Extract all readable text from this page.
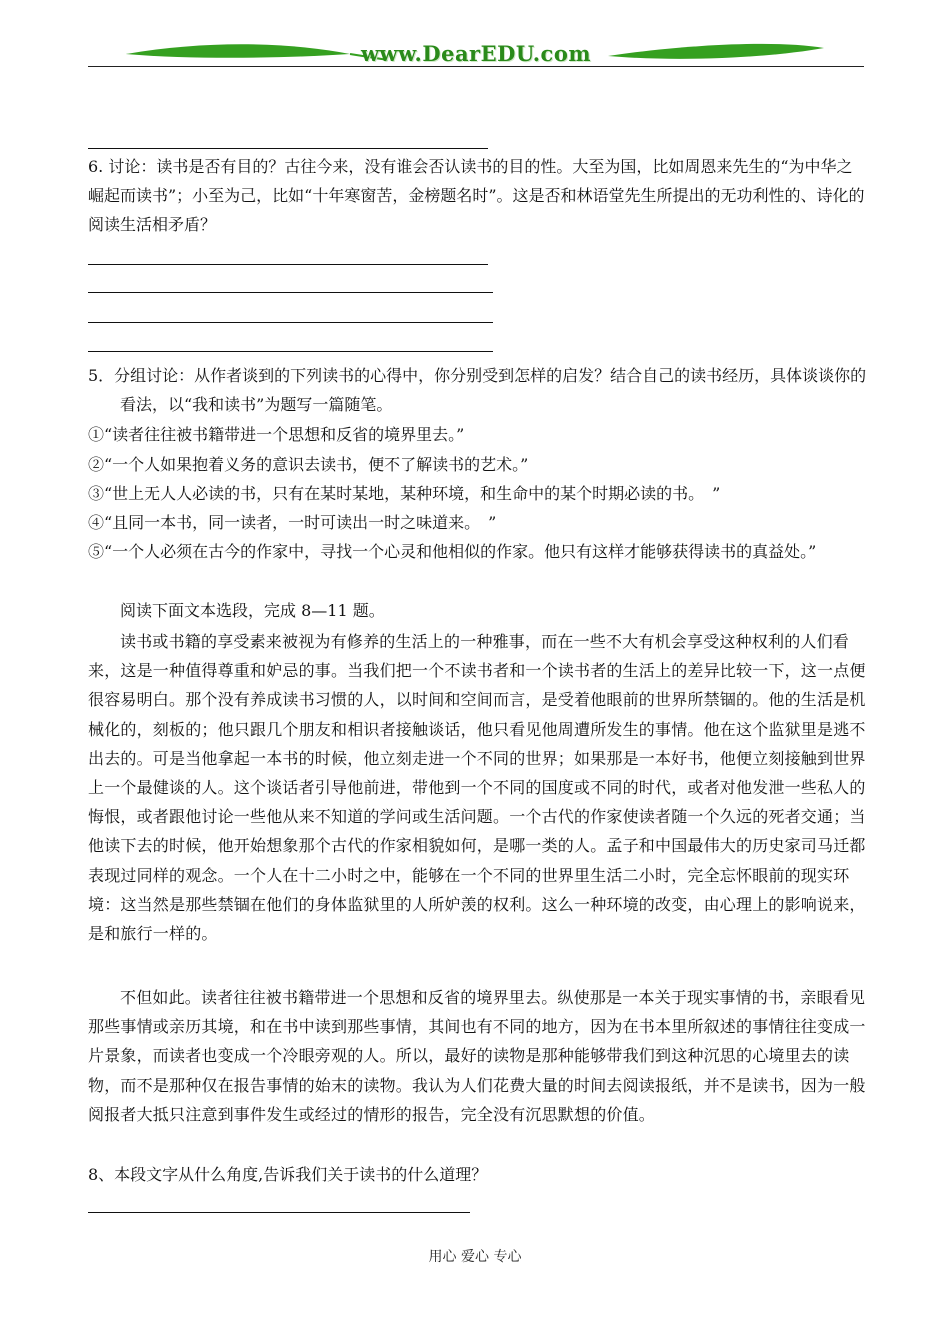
www.DearEDU.com

6. 讨论：读书是否有目的？古往今来，没有谁会否认读书的目的性。大至为国，比如周恩来先生的“为中华之崛起而读书”；小至为己，比如“十年寒窗苦，金榜题名时”。这是否和林语堂先生所提出的无功利性的、诗化的阅读生活相矛盾？

5．分组讨论：从作者谈到的下列读书的心得中，你分别受到怎样的启发？结合自己的读书经历，具体谈谈你的看法，以“我和读书”为题写一篇随笔。

①“读者往往被书籍带进一个思想和反省的境界里去。”

②“一个人如果抱着义务的意识去读书，便不了解读书的艺术。”

③“世上无人人必读的书，只有在某时某地，某种环境，和生命中的某个时期必读的书。　”

④“且同一本书，同一读者，一时可读出一时之味道来。　”

⑤“一个人必须在古今的作家中，寻找一个心灵和他相似的作家。他只有这样才能够获得读书的真益处。”

阅读下面文本选段，完成 8—11 题。

读书或书籍的享受素来被视为有修养的生活上的一种雅事，而在一些不大有机会享受这种权利的人们看来，这是一种值得尊重和妒忌的事。当我们把一个不读书者和一个读书者的生活上的差异比较一下，这一点便很容易明白。那个没有养成读书习惯的人，以时间和空间而言，是受着他眼前的世界所禁锢的。他的生活是机械化的，刻板的；他只跟几个朋友和相识者接触谈话，他只看见他周遭所发生的事情。他在这个监狱里是逃不出去的。可是当他拿起一本书的时候，他立刻走进一个不同的世界；如果那是一本好书，他便立刻接触到世界上一个最健谈的人。这个谈话者引导他前进，带他到一个不同的国度或不同的时代，或者对他发泄一些私人的悔恨，或者跟他讨论一些他从来不知道的学问或生活问题。一个古代的作家使读者随一个久远的死者交通；当他读下去的时候，他开始想象那个古代的作家相貌如何，是哪一类的人。孟子和中国最伟大的历史家司马迁都表现过同样的观念。一个人在十二小时之中，能够在一个不同的世界里生活二小时，完全忘怀眼前的现实环境：这当然是那些禁锢在他们的身体监狱里的人所妒羡的权利。这么一种环境的改变，由心理上的影响说来，是和旅行一样的。

不但如此。读者往往被书籍带进一个思想和反省的境界里去。纵使那是一本关于现实事情的书，亲眼看见那些事情或亲历其境，和在书中读到那些事情，其间也有不同的地方，因为在书本里所叙述的事情往往变成一片景象，而读者也变成一个冷眼旁观的人。所以，最好的读物是那种能够带我们到这种沉思的心境里去的读物，而不是那种仅在报告事情的始末的读物。我认为人们花费大量的时间去阅读报纸，并不是读书，因为一般阅报者大抵只注意到事件发生或经过的情形的报告，完全没有沉思默想的价值。

8、本段文字从什么角度,告诉我们关于读书的什么道理？

用心 爱心 专心
